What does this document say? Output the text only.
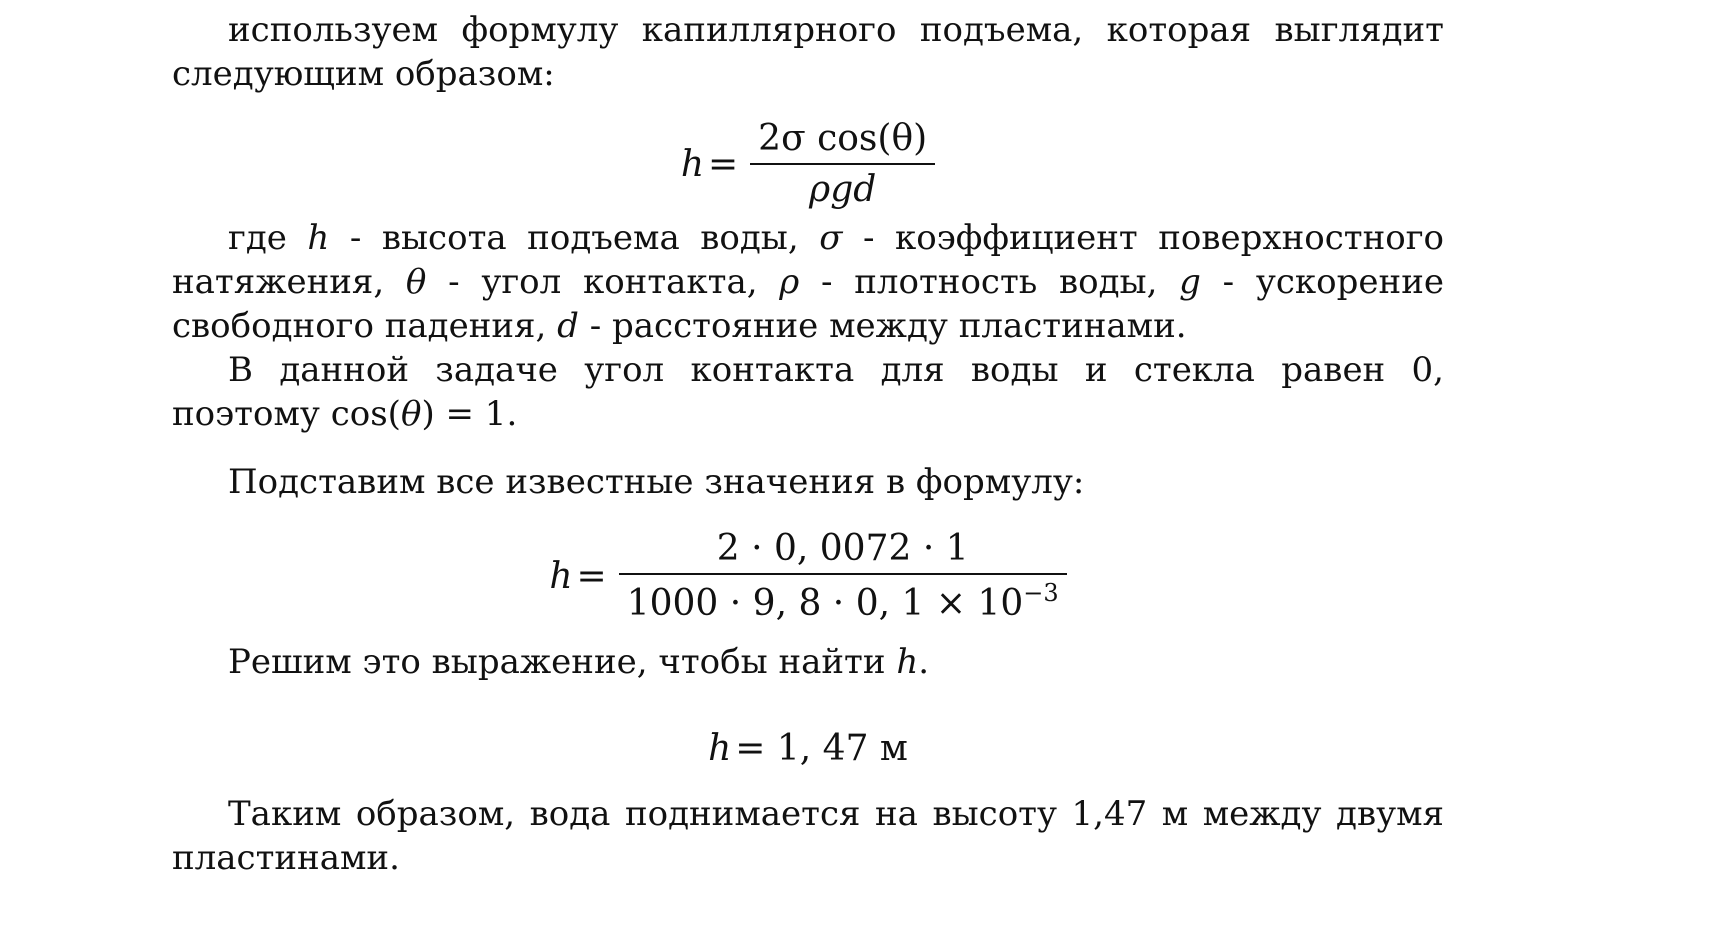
используем формулу капиллярного подъема, которая выглядит следующим образом:

$h = \frac{\text{2σ cos(θ)}}{\text{ρgd}}$

где h - высота подъема воды, σ - коэффициент поверхностного натяжения, θ - угол контакта, ρ - плотность воды, g - ускорение свободного падения, d - расстояние между пластинами.

В данной задаче угол контакта для воды и стекла равен 0, поэтому cos(θ) = 1.

Подставим все известные значения в формулу:

$h = \frac{2 \cdot 0, 0072 \cdot 1}{1000 \cdot 9, 8 \cdot 0, 1 \times 10^{-3}}$

Решим это выражение, чтобы найти h.

h = 1, 47 м

Таким образом, вода поднимается на высоту 1,47 м между двумя пластинами.
